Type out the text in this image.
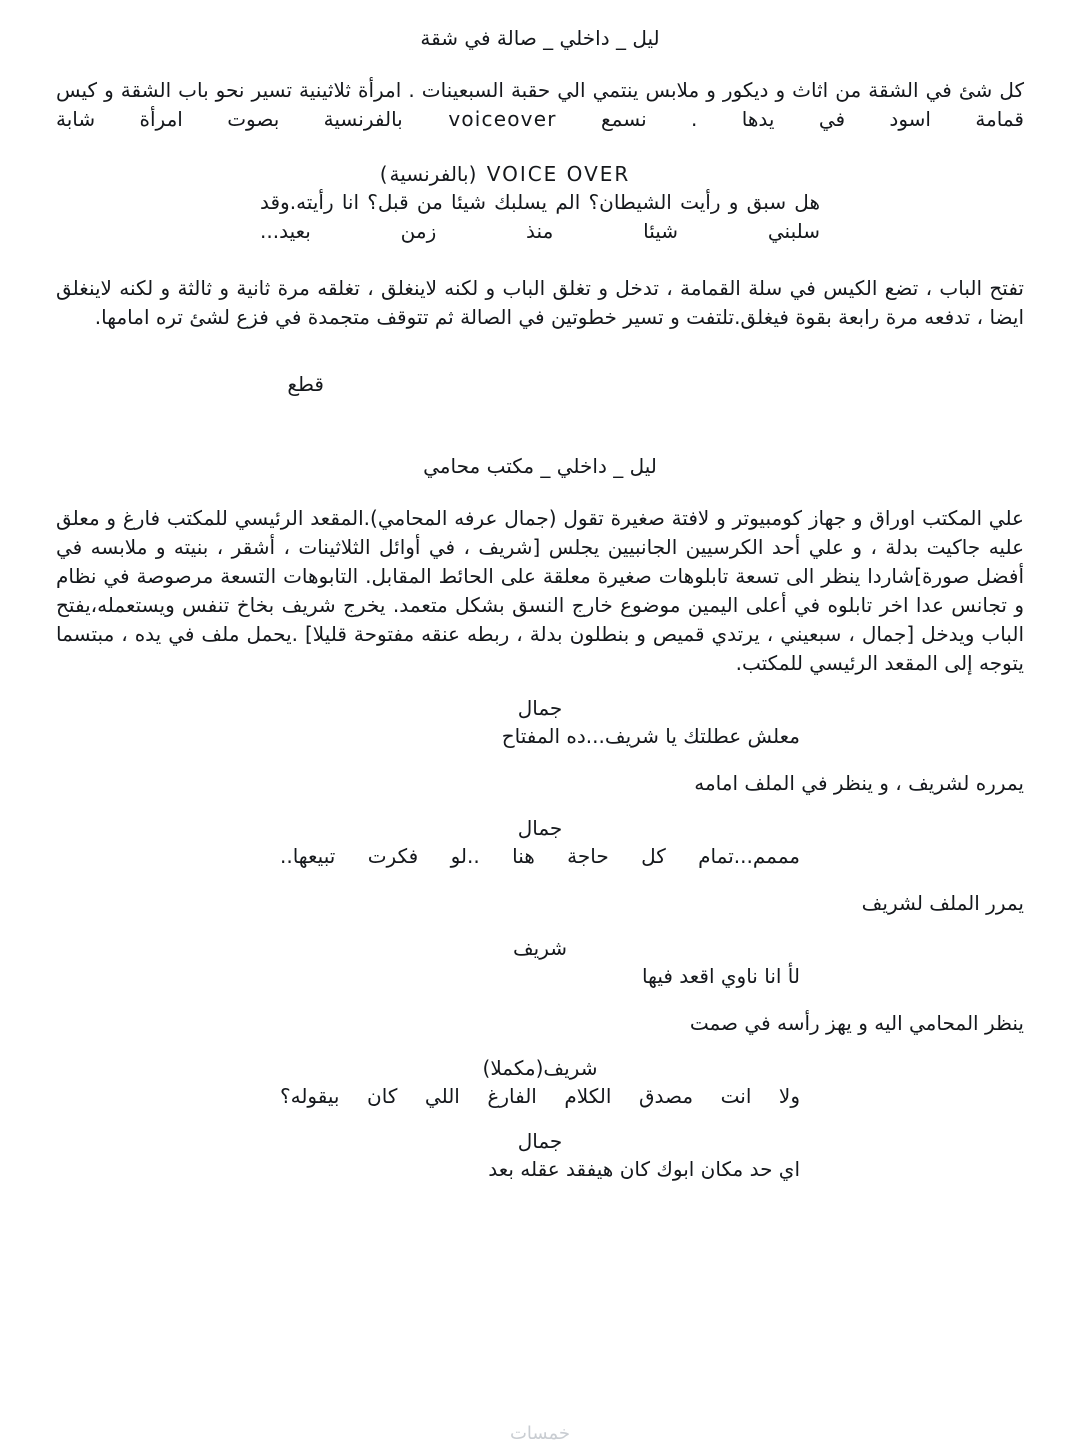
ليل _ داخلي _ صالة في شقة
كل شئ في الشقة من اثاث و ديكور و ملابس ينتمي الي حقبة السبعينات . امرأة ثلاثينية تسير نحو باب الشقة و كيس قمامة اسود في يدها . نسمع voiceover بالفرنسية بصوت امرأة شابة
VOICE OVER (بالفرنسية)
هل سبق و رأيت الشيطان؟ الم يسلبك شيئا من قبل؟ انا رأيته.وقد سلبني شيئا منذ زمن بعيد...
تفتح الباب ، تضع الكيس في سلة القمامة ، تدخل و تغلق الباب و لكنه لاينغلق ، تغلقه مرة ثانية و ثالثة و لكنه لاينغلق ايضا ، تدفعه مرة رابعة بقوة فيغلق.تلتفت و تسير خطوتين في الصالة ثم تتوقف متجمدة في فزع لشئ تره امامها.
قطع
ليل _ داخلي _ مكتب محامي
علي المكتب اوراق و جهاز كومبيوتر و لافتة صغيرة تقول (جمال عرفه المحامي).المقعد الرئيسي للمكتب فارغ و معلق عليه جاكيت بدلة ، و علي أحد الكرسيين الجانبيين يجلس [شريف ، في أوائل الثلاثينات ، أشقر ، بنيته و ملابسه في أفضل صورة]شاردا ينظر الى تسعة تابلوهات صغيرة معلقة على الحائط المقابل. التابوهات التسعة مرصوصة في نظام و تجانس عدا اخر تابلوه في أعلى اليمين موضوع خارج النسق بشكل متعمد. يخرج شريف بخاخ تنفس ويستعمله،يفتح الباب ويدخل [جمال ، سبعيني ، يرتدي قميص و بنطلون بدلة ، ربطه عنقه مفتوحة قليلا] .يحمل ملف في يده ، مبتسما يتوجه إلى المقعد الرئيسي للمكتب.
جمال
معلش عطلتك يا شريف...ده المفتاح
يمرره لشريف ، و ينظر في الملف امامه
جمال
مممم...تمام كل حاجة هنا ..لو فكرت تبيعها..
يمرر الملف لشريف
شريف
لأ انا ناوي اقعد فيها
ينظر المحامي اليه و يهز رأسه في صمت
شريف(مكملا)
ولا انت مصدق الكلام الفارغ اللي كان بيقوله؟
جمال
اي حد مكان ابوك كان هيفقد عقله بعد
خمسات
